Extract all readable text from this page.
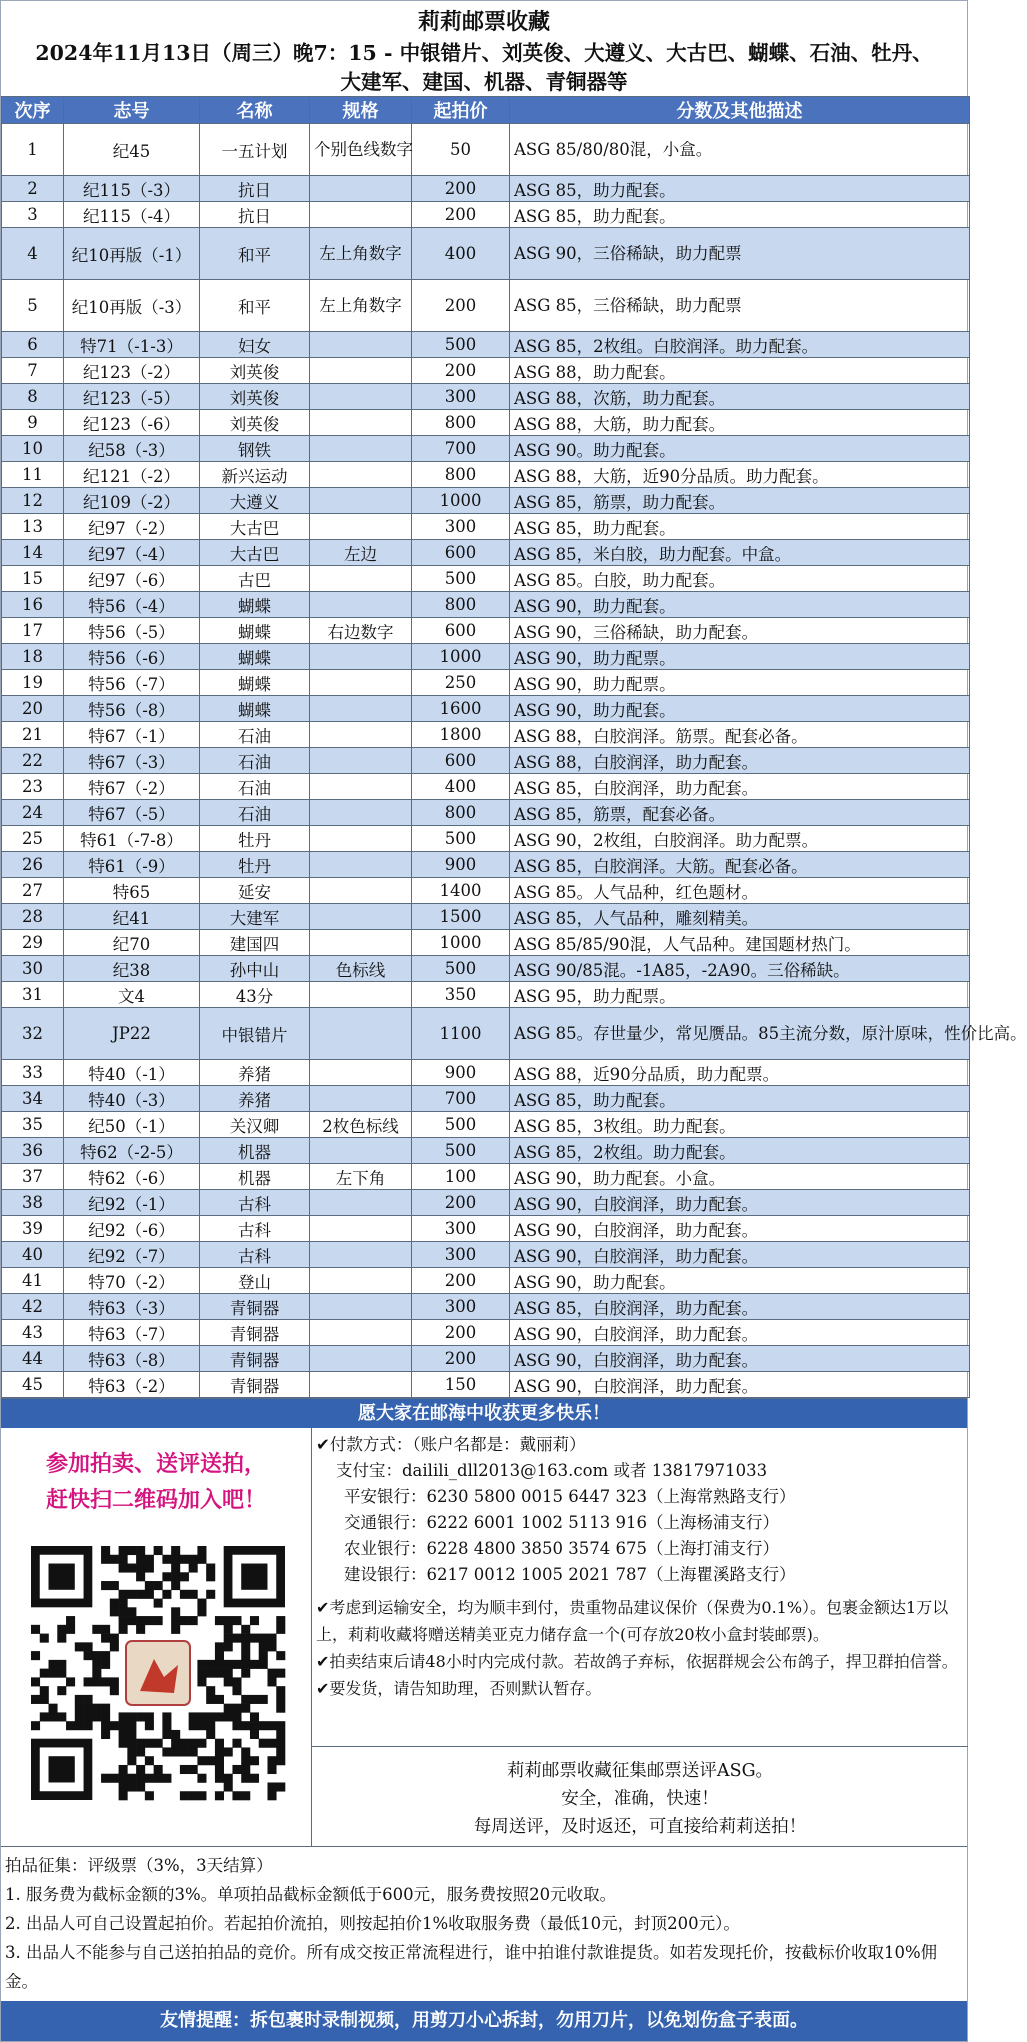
莉莉邮票收藏
2024年11月13日（周三）晚7：15 - 中银错片、刘英俊、大遵义、大古巴、蝴蝶、石油、牡丹、
大建军、建国、机器、青铜器等
次序	志号	名称	规格	起拍价	分数及其他描述
1	纪45	一五计划	个别色线数字	50	ASG 85/80/80混，小盒。
2	纪115（-3）	抗日		200	ASG 85，助力配套。
3	纪115（-4）	抗日		200	ASG 85，助力配套。
4	纪10再版（-1）	和平	左上角数字	400	ASG 90，三俗稀缺，助力配票
5	纪10再版（-3）	和平	左上角数字	200	ASG 85，三俗稀缺，助力配票
6	特71（-1-3）	妇女		500	ASG 85，2枚组。白胶润泽。助力配套。
7	纪123（-2）	刘英俊		200	ASG 88，助力配套。
8	纪123（-5）	刘英俊		300	ASG 88，次筋，助力配套。
9	纪123（-6）	刘英俊		800	ASG 88，大筋，助力配套。
10	纪58（-3）	钢铁		700	ASG 90。助力配套。
11	纪121（-2）	新兴运动		800	ASG 88，大筋，近90分品质。助力配套。
12	纪109（-2）	大遵义		1000	ASG 85，筋票，助力配套。
13	纪97（-2）	大古巴		300	ASG 85，助力配套。
14	纪97（-4）	大古巴	左边	600	ASG 85，米白胶，助力配套。中盒。
15	纪97（-6）	古巴		500	ASG 85。白胶，助力配套。
16	特56（-4）	蝴蝶		800	ASG 90，助力配套。
17	特56（-5）	蝴蝶	右边数字	600	ASG 90，三俗稀缺，助力配套。
18	特56（-6）	蝴蝶		1000	ASG 90，助力配票。
19	特56（-7）	蝴蝶		250	ASG 90，助力配票。
20	特56（-8）	蝴蝶		1600	ASG 90，助力配套。
21	特67（-1）	石油		1800	ASG 88，白胶润泽。筋票。配套必备。
22	特67（-3）	石油		600	ASG 88，白胶润泽，助力配套。
23	特67（-2）	石油		400	ASG 85，白胶润泽，助力配套。
24	特67（-5）	石油		800	ASG 85，筋票，配套必备。
25	特61（-7-8）	牡丹		500	ASG 90，2枚组，白胶润泽。助力配票。
26	特61（-9）	牡丹		900	ASG 85，白胶润泽。大筋。配套必备。
27	特65	延安		1400	ASG 85。人气品种，红色题材。
28	纪41	大建军		1500	ASG 85，人气品种，雕刻精美。
29	纪70	建国四		1000	ASG 85/85/90混，人气品种。建国题材热门。
30	纪38	孙中山	色标线	500	ASG 90/85混。-1A85，-2A90。三俗稀缺。
31	文4	43分		350	ASG 95，助力配票。
32	JP22	中银错片		1100	ASG 85。存世量少，常见赝品。85主流分数，原汁原味，性价比高。
33	特40（-1）	养猪		900	ASG 88，近90分品质，助力配票。
34	特40（-3）	养猪		700	ASG 85，助力配套。
35	纪50（-1）	关汉卿	2枚色标线	500	ASG 85，3枚组。助力配套。
36	特62（-2-5）	机器		500	ASG 85，2枚组。助力配套。
37	特62（-6）	机器	左下角	100	ASG 90，助力配套。小盒。
38	纪92（-1）	古科		200	ASG 90，白胶润泽，助力配套。
39	纪92（-6）	古科		300	ASG 90，白胶润泽，助力配套。
40	纪92（-7）	古科		300	ASG 90，白胶润泽，助力配套。
41	特70（-2）	登山		200	ASG 90，助力配套。
42	特63（-3）	青铜器		300	ASG 85，白胶润泽，助力配套。
43	特63（-7）	青铜器		200	ASG 90，白胶润泽，助力配套。
44	特63（-8）	青铜器		200	ASG 90，白胶润泽，助力配套。
45	特63（-2）	青铜器		150	ASG 90，白胶润泽，助力配套。
愿大家在邮海中收获更多快乐！
参加拍卖、送评送拍，
赶快扫二维码加入吧！
✔付款方式：（账户名都是：戴丽莉）
支付宝：dailili_dll2013@163.com 或者 13817971033
平安银行：6230 5800 0015 6447 323（上海常熟路支行）
交通银行：6222 6001 1002 5113 916（上海杨浦支行）
农业银行：6228 4800 3850 3574 675（上海打浦支行）
建设银行：6217 0012 1005 2021 787（上海瞿溪路支行）

✔考虑到运输安全，均为顺丰到付，贵重物品建议保价（保费为0.1%）。包裹金额达1万以上，莉莉收藏将赠送精美亚克力储存盒一个(可存放20枚小盒封装邮票)。

✔拍卖结束后请48小时内完成付款。若故鸽子弃标，依据群规会公布鸽子，捍卫群拍信誉。

✔要发货，请告知助理，否则默认暂存。

莉莉邮票收藏征集邮票送评ASG。
安全，准确，快速！
每周送评，及时返还，可直接给莉莉送拍！

拍品征集：评级票（3%，3天结算）

1. 服务费为截标金额的3%。单项拍品截标金额低于600元，服务费按照20元收取。

2. 出品人可自己设置起拍价。若起拍价流拍，则按起拍价1%收取服务费（最低10元，封顶200元）。

3. 出品人不能参与自己送拍拍品的竞价。所有成交按正常流程进行，谁中拍谁付款谁提货。如若发现托价，按截标价收取10%佣金。

友情提醒：拆包裹时录制视频，用剪刀小心拆封，勿用刀片，以免划伤盒子表面。
